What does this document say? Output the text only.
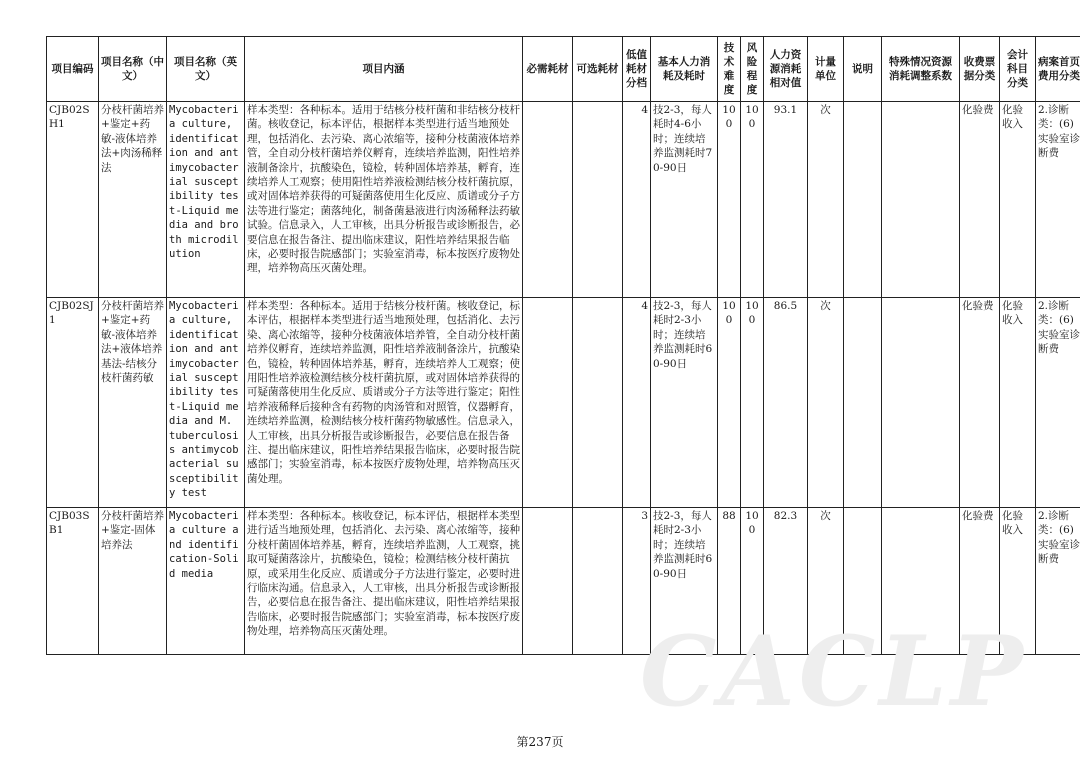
项目编码	项目名称（中文）	项目名称（英文）	项目内涵	必需耗材	可选耗材	低值耗材分档	基本人力消耗及耗时	技术难度	风险程度	人力资源消耗相对值	计量单位	说明	特殊情况资源消耗调整系数	收费票据分类	会计科目分类	病案首页费用分类
CJB02SH1	分枝杆菌培养+鉴定+药敏-液体培养法+肉汤稀释法	Mycobacteria culture, identification and antimycobacterial susceptibility test-Liquid media and broth microdilution	样本类型：各种标本。适用于结核分枝杆菌和非结核分枝杆菌。核收登记，标本评估，根据样本类型进行适当地预处理，包括消化、去污染、离心浓缩等，接种分枝菌液体培养管，全自动分枝杆菌培养仪孵育，连续培养监测，阳性培养液制备涂片，抗酸染色，镜检，转种固体培养基，孵育，连续培养人工观察；使用阳性培养液检测结核分枝杆菌抗原，或对固体培养获得的可疑菌落使用生化反应、质谱或分子方法等进行鉴定；菌落纯化，制备菌悬液进行肉汤稀释法药敏试验。信息录入，人工审核，出具分析报告或诊断报告，必要信息在报告备注、提出临床建议，阳性培养结果报告临床，必要时报告院感部门；实验室消毒，标本按医疗废物处理，培养物高压灭菌处理。			4	技2-3，每人耗时4-6小时；连续培养监测耗时70-90日	100	100	93.1	次			化验费	化验收入	2.诊断类：(6)实验室诊断费
CJB02SJ1	分枝杆菌培养+鉴定+药敏-液体培养法+液体培养基法-结核分枝杆菌药敏	Mycobacteria culture, identification and antimycobacterial susceptibility test-Liquid media and M. tuberculosis antimycobacterial susceptibility test	样本类型：各种标本。适用于结核分枝杆菌。核收登记，标本评估，根据样本类型进行适当地预处理，包括消化、去污染、离心浓缩等，接种分枝菌液体培养管，全自动分枝杆菌培养仪孵育，连续培养监测，阳性培养液制备涂片，抗酸染色，镜检，转种固体培养基，孵育，连续培养人工观察；使用阳性培养液检测结核分枝杆菌抗原，或对固体培养获得的可疑菌落使用生化反应、质谱或分子方法等进行鉴定；阳性培养液稀释后接种含有药物的肉汤管和对照管，仪器孵育，连续培养监测，检测结核分枝杆菌药物敏感性。信息录入，人工审核，出具分析报告或诊断报告，必要信息在报告备注、提出临床建议，阳性培养结果报告临床，必要时报告院感部门；实验室消毒，标本按医疗废物处理，培养物高压灭菌处理。			4	技2-3，每人耗时2-3小时；连续培养监测耗时60-90日	100	100	86.5	次			化验费	化验收入	2.诊断类：(6)实验室诊断费
CJB03SB1	分枝杆菌培养+鉴定-固体培养法	Mycobacteria culture and identification-Solid media	样本类型：各种标本。核收登记，标本评估，根据样本类型进行适当地预处理，包括消化、去污染、离心浓缩等，接种分枝杆菌固体培养基，孵育，连续培养监测，人工观察，挑取可疑菌落涂片，抗酸染色，镜检；检测结核分枝杆菌抗原，或采用生化反应、质谱或分子方法进行鉴定，必要时进行临床沟通。信息录入，人工审核，出具分析报告或诊断报告，必要信息在报告备注、提出临床建议，阳性培养结果报告临床，必要时报告院感部门；实验室消毒，标本按医疗废物处理，培养物高压灭菌处理。			3	技2-3，每人耗时2-3小时；连续培养监测耗时60-90日	88	100	82.3	次			化验费	化验收入	2.诊断类：(6)实验室诊断费
CACLP
第237页
